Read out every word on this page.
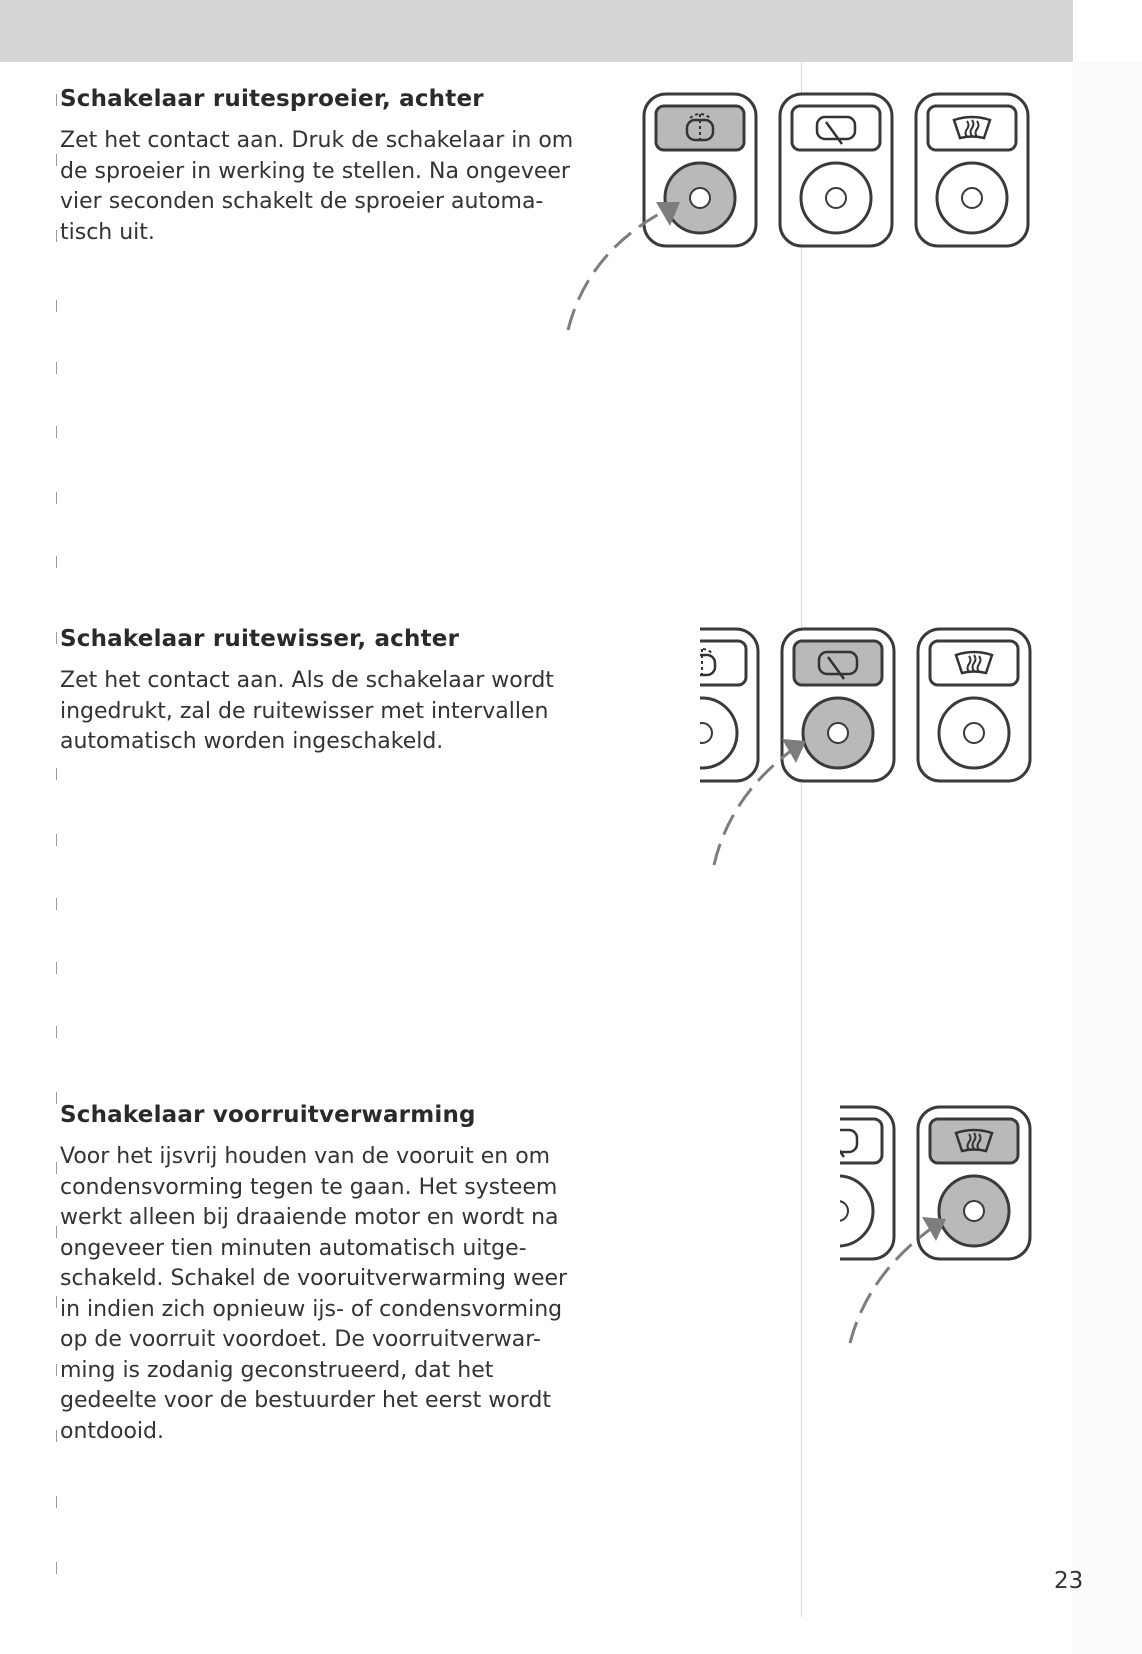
Schakelaar ruitesproeier, achter

Zet het contact aan. Druk de schakelaar in om
de sproeier in werking te stellen. Na ongeveer
vier seconden schakelt de sproeier automa-
tisch uit.

Schakelaar ruitewisser, achter

Zet het contact aan. Als de schakelaar wordt
ingedrukt, zal de ruitewisser met intervallen
automatisch worden ingeschakeld.

Schakelaar voorruitverwarming

Voor het ijsvrij houden van de vooruit en om
condensvorming tegen te gaan. Het systeem
werkt alleen bij draaiende motor en wordt na
ongeveer tien minuten automatisch uitge-
schakeld. Schakel de vooruitverwarming weer
in indien zich opnieuw ijs- of condensvorming
op de voorruit voordoet. De voorruitverwar-
ming is zodanig geconstrueerd, dat het
gedeelte voor de bestuurder het eerst wordt
ontdooid.

23
